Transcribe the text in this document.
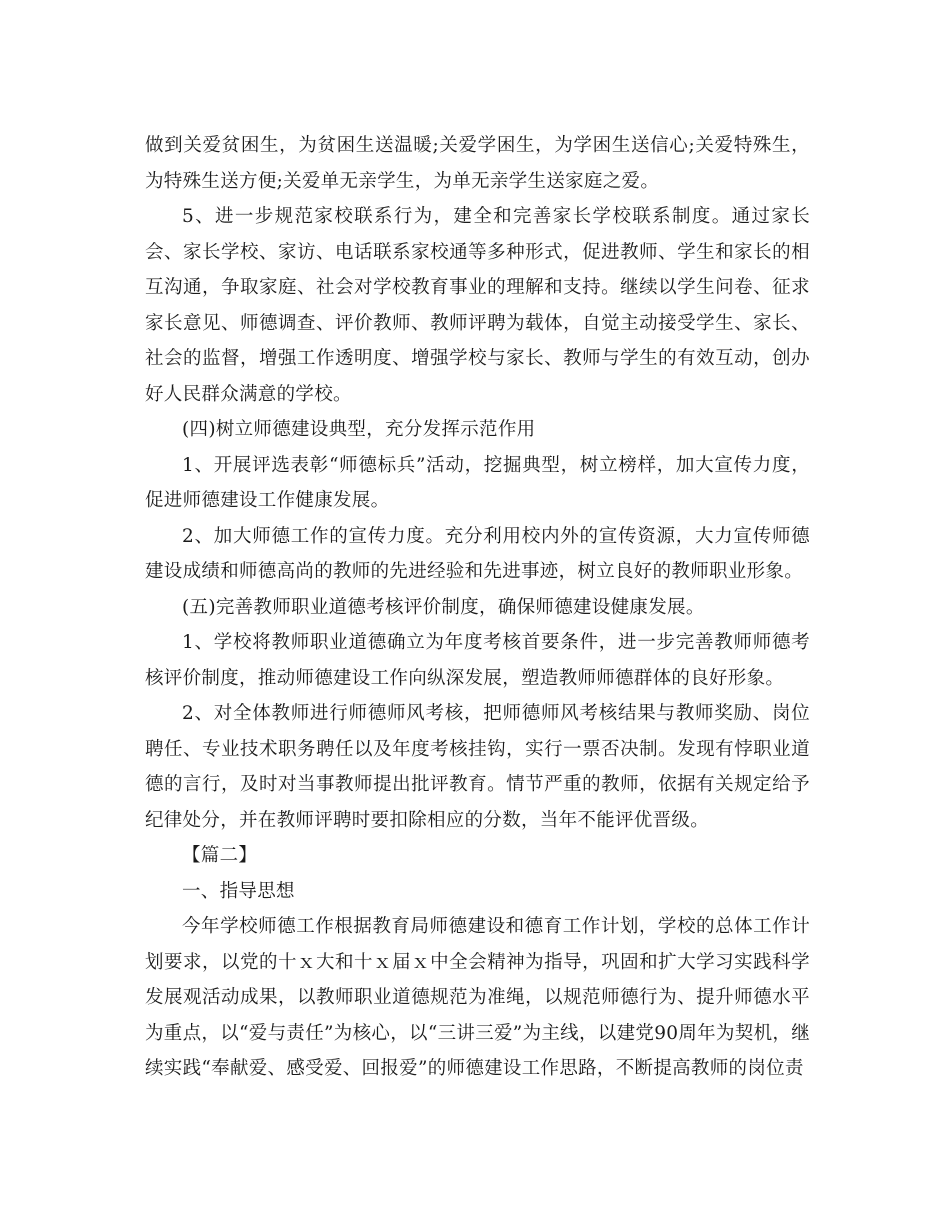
做到关爱贫困生，为贫困生送温暖;关爱学困生，为学困生送信心;关爱特殊生，为特殊生送方便;关爱单无亲学生，为单无亲学生送家庭之爱。

5、进一步规范家校联系行为，建全和完善家长学校联系制度。通过家长会、家长学校、家访、电话联系家校通等多种形式，促进教师、学生和家长的相互沟通，争取家庭、社会对学校教育事业的理解和支持。继续以学生问卷、征求家长意见、师德调查、评价教师、教师评聘为载体，自觉主动接受学生、家长、社会的监督，增强工作透明度、增强学校与家长、教师与学生的有效互动，创办好人民群众满意的学校。

(四)树立师德建设典型，充分发挥示范作用

1、开展评选表彰“师德标兵”活动，挖掘典型，树立榜样，加大宣传力度，促进师德建设工作健康发展。

2、加大师德工作的宣传力度。充分利用校内外的宣传资源，大力宣传师德建设成绩和师德高尚的教师的先进经验和先进事迹，树立良好的教师职业形象。

(五)完善教师职业道德考核评价制度，确保师德建设健康发展。

1、学校将教师职业道德确立为年度考核首要条件，进一步完善教师师德考核评价制度，推动师德建设工作向纵深发展，塑造教师师德群体的良好形象。

2、对全体教师进行师德师风考核，把师德师风考核结果与教师奖励、岗位聘任、专业技术职务聘任以及年度考核挂钩，实行一票否决制。发现有悖职业道德的言行，及时对当事教师提出批评教育。情节严重的教师，依据有关规定给予纪律处分，并在教师评聘时要扣除相应的分数，当年不能评优晋级。

【篇二】

一、指导思想

今年学校师德工作根据教育局师德建设和德育工作计划，学校的总体工作计划要求，以党的十ｘ大和十ｘ届ｘ中全会精神为指导，巩固和扩大学习实践科学发展观活动成果，以教师职业道德规范为准绳，以规范师德行为、提升师德水平为重点，以“爱与责任”为核心，以“三讲三爱”为主线，以建党90周年为契机，继续实践“奉献爱、感受爱、回报爱”的师德建设工作思路，不断提高教师的岗位责
